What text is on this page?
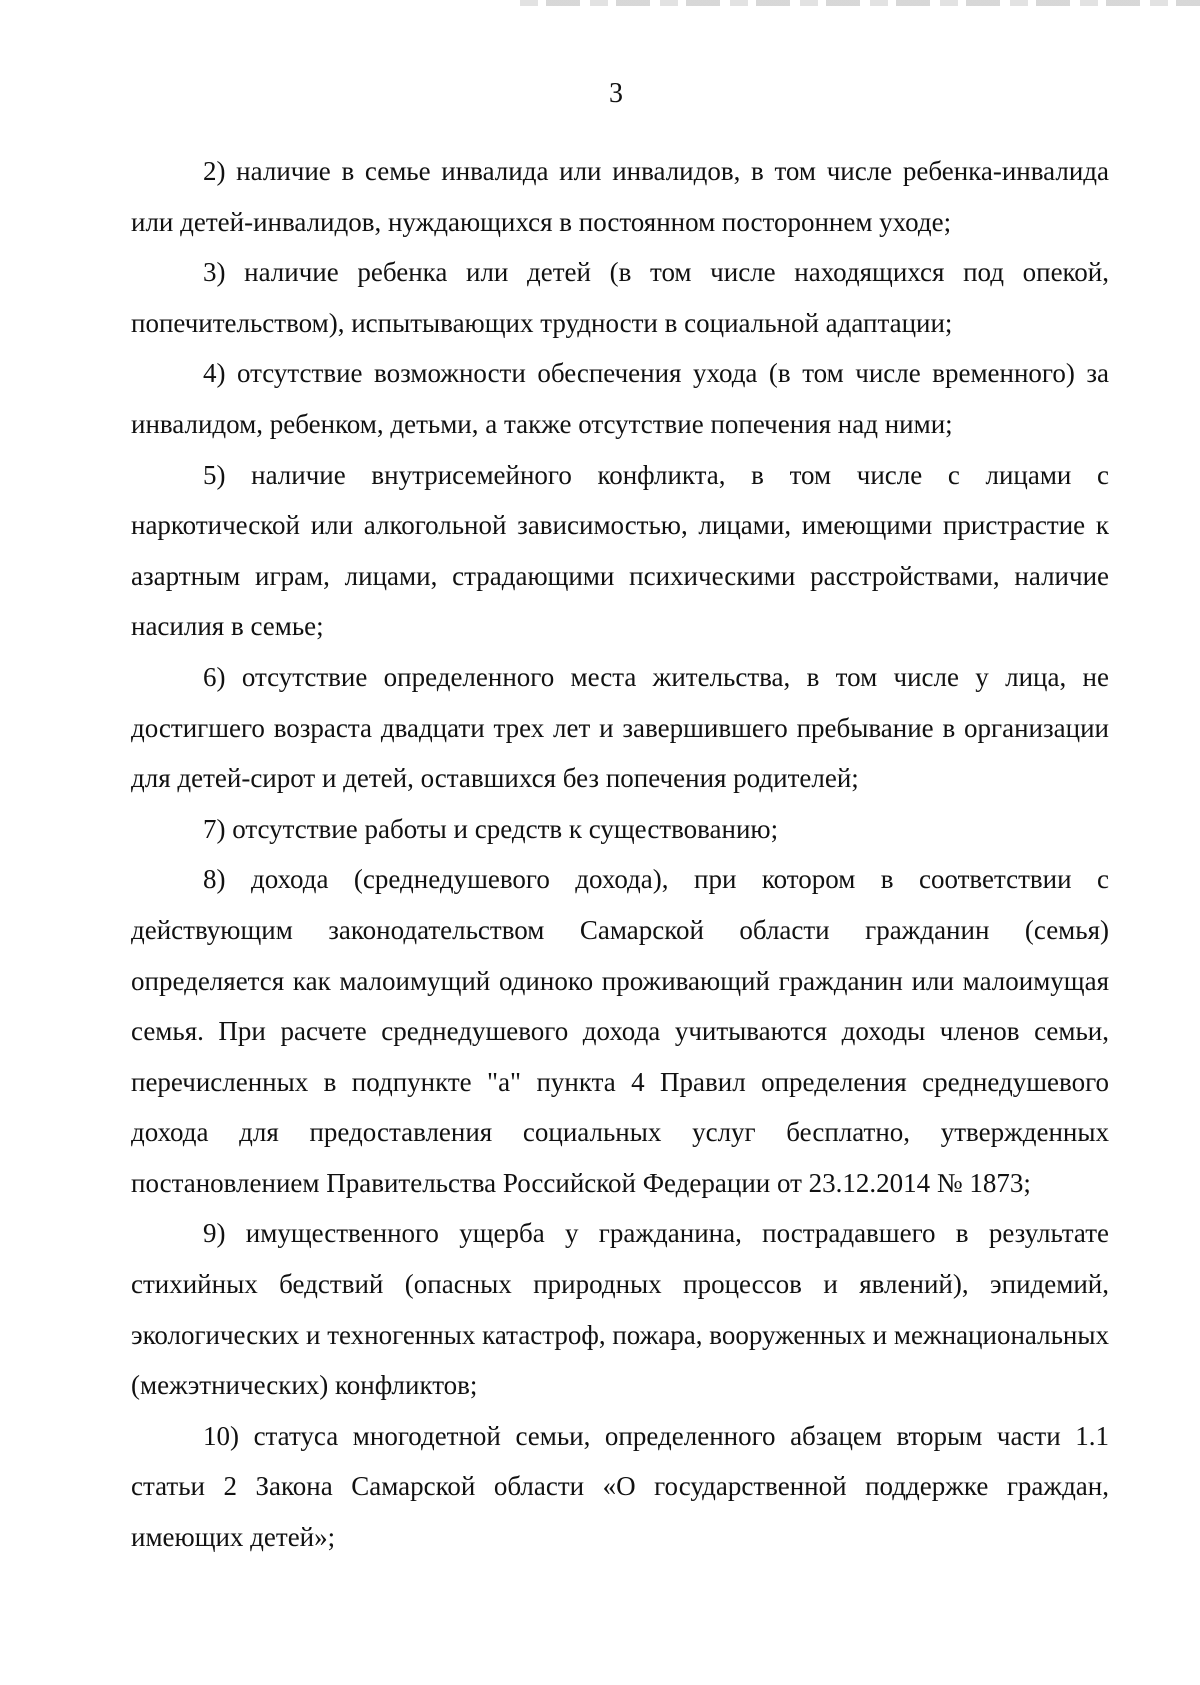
3

2) наличие в семье инвалида или инвалидов, в том числе ребенка-инвалида или детей-инвалидов, нуждающихся в постоянном постороннем уходе;

3) наличие ребенка или детей (в том числе находящихся под опекой, попечительством), испытывающих трудности в социальной адаптации;

4) отсутствие возможности обеспечения ухода (в том числе временного) за инвалидом, ребенком, детьми, а также отсутствие попечения над ними;

5) наличие внутрисемейного конфликта, в том числе с лицами с наркотической или алкогольной зависимостью, лицами, имеющими пристрастие к азартным играм, лицами, страдающими психическими расстройствами, наличие насилия в семье;

6) отсутствие определенного места жительства, в том числе у лица, не достигшего возраста двадцати трех лет и завершившего пребывание в организации для детей-сирот и детей, оставшихся без попечения родителей;

7) отсутствие работы и средств к существованию;

8) дохода (среднедушевого дохода), при котором в соответствии с действующим законодательством Самарской области гражданин (семья) определяется как малоимущий одиноко проживающий гражданин или малоимущая семья. При расчете среднедушевого дохода учитываются доходы членов семьи, перечисленных в подпункте "а" пункта 4 Правил определения среднедушевого дохода для предоставления социальных услуг бесплатно, утвержденных постановлением Правительства Российской Федерации от 23.12.2014 № 1873;

9) имущественного ущерба у гражданина, пострадавшего в результате стихийных бедствий (опасных природных процессов и явлений), эпидемий, экологических и техногенных катастроф, пожара, вооруженных и межнациональных (межэтнических) конфликтов;

10) статуса многодетной семьи, определенного абзацем вторым части 1.1 статьи 2 Закона Самарской области «О государственной поддержке граждан, имеющих детей»;
